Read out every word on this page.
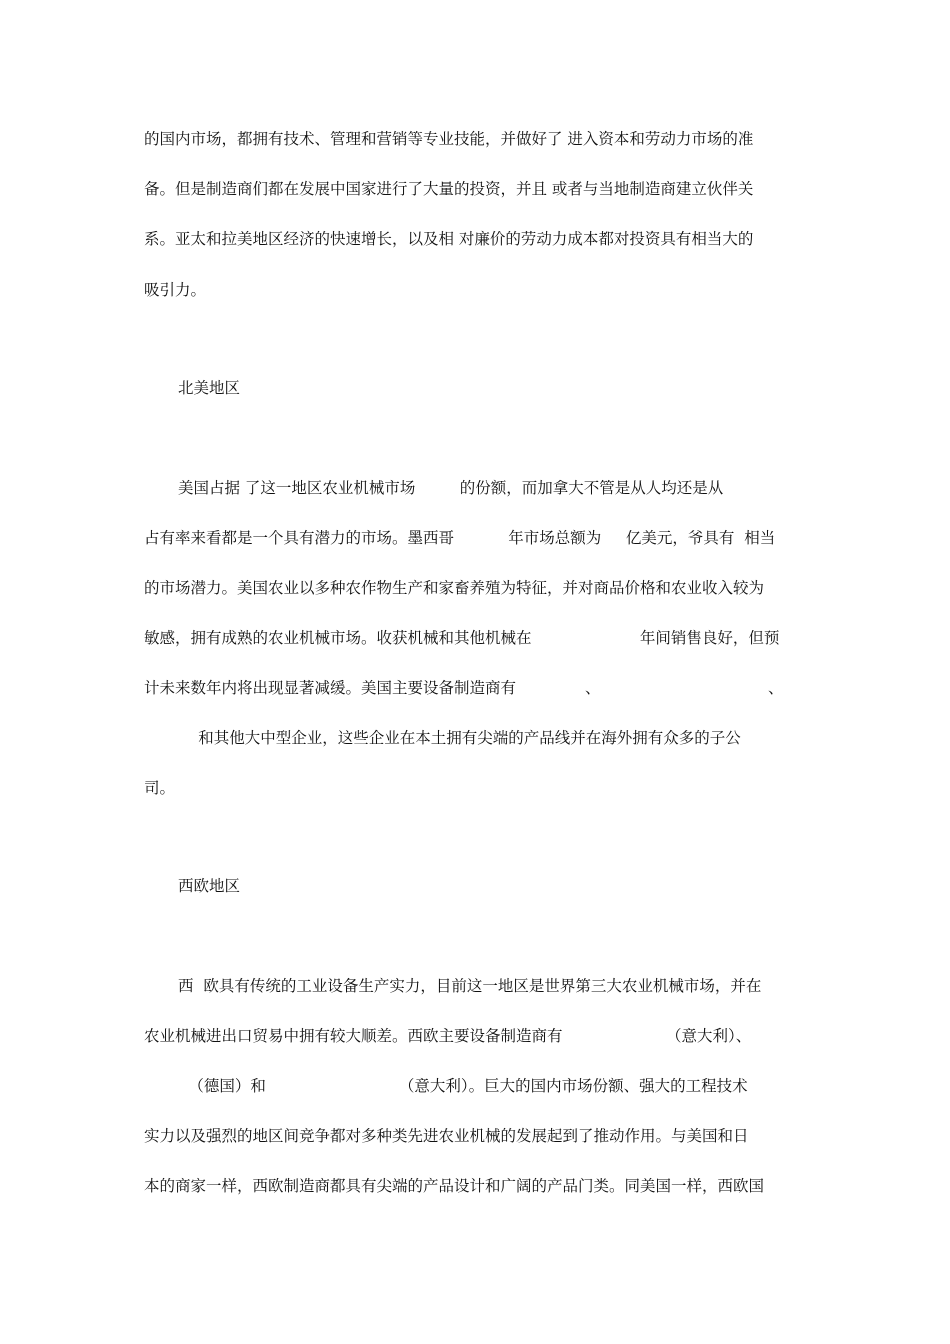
的国内市场，都拥有技术、管理和营销等专业技能，并做好了 进入资本和劳动力市场的准
备。但是制造商们都在发展中国家进行了大量的投资，并且 或者与当地制造商建立伙伴关
系。亚太和拉美地区经济的快速增长，以及相 对廉价的劳动力成本都对投资具有相当大的
吸引力。
北美地区
美国占据 了这一地区农业机械市场         的份额，而加拿大不管是从人均还是从
占有率来看都是一个具有潜力的市场。墨西哥           年市场总额为     亿美元，爷具有  相当
的市场潜力。美国农业以多种农作物生产和家畜养殖为特征，并对商品价格和农业收入较为
敏感，拥有成熟的农业机械市场。收获机械和其他机械在                      年间销售良好，但预
计未来数年内将出现显著减缓。美国主要设备制造商有              、                                  、
和其他大中型企业，这些企业在本土拥有尖端的产品线并在海外拥有众多的子公
司。
西欧地区
西  欧具有传统的工业设备生产实力，目前这一地区是世界第三大农业机械市场，并在
农业机械进出口贸易中拥有较大顺差。西欧主要设备制造商有                     （意大利）、
（德国）和                           （意大利）。巨大的国内市场份额、强大的工程技术
实力以及强烈的地区间竞争都对多种类先进农业机械的发展起到了推动作用。与美国和日
本的商家一样，西欧制造商都具有尖端的产品设计和广阔的产品门类。同美国一样，西欧国
